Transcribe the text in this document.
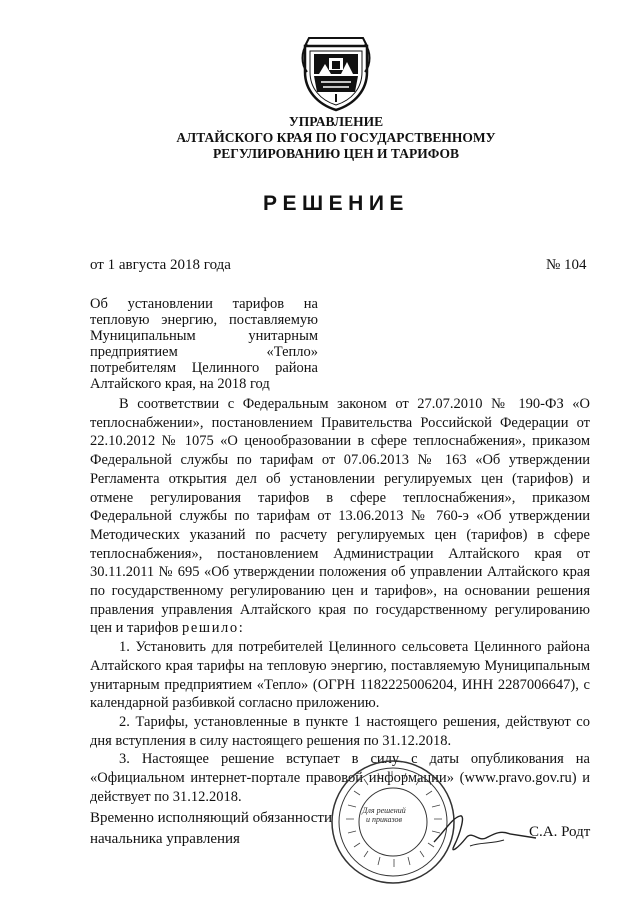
УПРАВЛЕНИЕ
АЛТАЙСКОГО КРАЯ ПО ГОСУДАРСТВЕННОМУ
РЕГУЛИРОВАНИЮ ЦЕН И ТАРИФОВ
РЕШЕНИЕ
от 1 августа 2018 года	№ 104
Об установлении тарифов на тепловую энергию, поставляемую Муниципальным унитарным предприятием «Тепло» потребителям Целинного района Алтайского края, на 2018 год

В соответствии с Федеральным законом от 27.07.2010 № 190-ФЗ «О теплоснабжении», постановлением Правительства Российской Федерации от 22.10.2012 № 1075 «О ценообразовании в сфере теплоснабжения», приказом Федеральной службы по тарифам от 07.06.2013 № 163 «Об утверждении Регламента открытия дел об установлении регулируемых цен (тарифов) и отмене регулирования тарифов в сфере теплоснабжения», приказом Федеральной службы по тарифам от 13.06.2013 № 760-э «Об утверждении Методических указаний по расчету регулируемых цен (тарифов) в сфере теплоснабжения», постановлением Администрации Алтайского края от 30.11.2011 № 695 «Об утверждении положения об управлении Алтайского края по государственному регулированию цен и тарифов», на основании решения правления управления Алтайского края по государственному регулированию цен и тарифов решило:

1. Установить для потребителей Целинного сельсовета Целинного района Алтайского края тарифы на тепловую энергию, поставляемую Муниципальным унитарным предприятием «Тепло» (ОГРН 1182225006204, ИНН 2287006647), с календарной разбивкой согласно приложению.

2. Тарифы, установленные в пункте 1 настоящего решения, действуют со дня вступления в силу настоящего решения по 31.12.2018.

3. Настоящее решение вступает в силу с даты опубликования на «Официальном интернет-портале правовой информации» (www.pravo.gov.ru) и действует по 31.12.2018.

Для решений
и приказов
Временно исполняющий обязанности
начальника управления	С.А. Родт
